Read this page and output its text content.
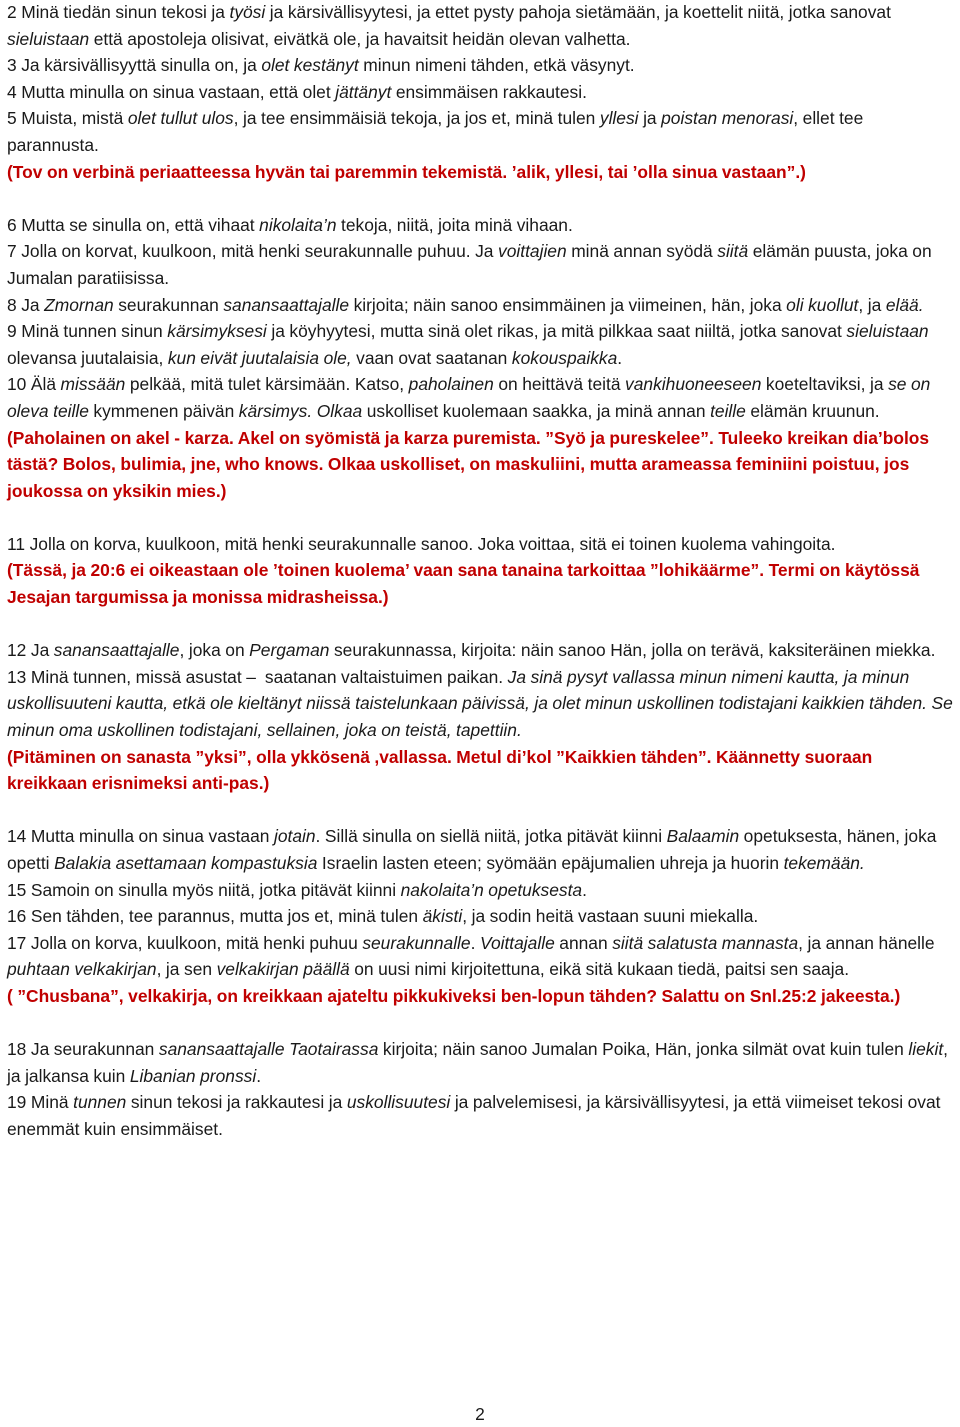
2 Minä tiedän sinun tekosi ja työsi ja kärsivällisyytesi, ja ettet pysty pahoja sietämään, ja koettelit niitä, jotka sanovat sieluistaan että apostoleja olisivat, eivätkä ole, ja havaitsit heidän olevan valhetta.

3 Ja kärsivällisyyttä sinulla on, ja olet kestänyt minun nimeni tähden, etkä väsynyt.

4 Mutta minulla on sinua vastaan, että olet jättänyt ensimmäisen rakkautesi.

5 Muista, mistä olet tullut ulos, ja tee ensimmäisiä tekoja, ja jos et, minä tulen yllesi ja poistan menorasi, ellet tee parannusta.

(Tov on verbinä periaatteessa hyvän tai paremmin tekemistä. ’alik, yllesi, tai ’olla sinua vastaan”.)

6 Mutta se sinulla on, että vihaat nikolaita’n tekoja, niitä, joita minä vihaan.

7 Jolla on korvat, kuulkoon, mitä henki seurakunnalle puhuu. Ja voittajien minä annan syödä siitä elämän puusta, joka on Jumalan paratiisissa.

8 Ja Zmornan seurakunnan sanansaattajalle kirjoita; näin sanoo ensimmäinen ja viimeinen, hän, joka oli kuollut, ja elää.

9 Minä tunnen sinun kärsimyksesi ja köyhyytesi, mutta sinä olet rikas, ja mitä pilkkaa saat niiltä, jotka sanovat sieluistaan olevansa juutalaisia, kun eivät juutalaisia ole, vaan ovat saatanan kokouspaikka.

10 Älä missään pelkää, mitä tulet kärsimään. Katso, paholainen on heittävä teitä vankihuoneeseen koeteltaviksi, ja se on oleva teille kymmenen päivän kärsimys. Olkaa uskolliset kuolemaan saakka, ja minä annan teille elämän kruunun.

(Paholainen on akel - karza. Akel on syömistä ja karza puremista. ”Syö ja pureskelee”. Tuleeko kreikan dia’bolos tästä? Bolos, bulimia, jne, who knows. Olkaa uskolliset, on maskuliini, mutta arameassa feminiini poistuu, jos joukossa on yksikin mies.)

11 Jolla on korva, kuulkoon, mitä henki seurakunnalle sanoo. Joka voittaa, sitä ei toinen kuolema vahingoita.

(Tässä, ja 20:6 ei oikeastaan ole ’toinen kuolema’ vaan sana tanaina tarkoittaa ”lohikäärme”. Termi on käytössä Jesajan targumissa ja monissa midrasheissa.)

12 Ja sanansaattajalle, joka on Pergaman seurakunnassa, kirjoita: näin sanoo Hän, jolla on terävä, kaksiteräinen miekka.

13 Minä tunnen, missä asustat –  saatanan valtaistuimen paikan. Ja sinä pysyt vallassa minun nimeni kautta, ja minun uskollisuuteni kautta, etkä ole kieltänyt niissä taistelunkaan päivissä, ja olet minun uskollinen todistajani kaikkien tähden. Se minun oma uskollinen todistajani, sellainen, joka on teistä, tapettiin.

(Pitäminen on sanasta ”yksi”, olla ykkösenä ,vallassa. Metul di’kol ”Kaikkien tähden”. Käännetty suoraan kreikkaan erisnimeksi anti-pas.)

14 Mutta minulla on sinua vastaan jotain. Sillä sinulla on siellä niitä, jotka pitävät kiinni Balaamin opetuksesta, hänen, joka opetti Balakia asettamaan kompastuksia Israelin lasten eteen; syömään epäjumalien uhreja ja huorin tekemään.

15 Samoin on sinulla myös niitä, jotka pitävät kiinni nakolaita’n opetuksesta.

16 Sen tähden, tee parannus, mutta jos et, minä tulen äkisti, ja sodin heitä vastaan suuni miekalla.

17 Jolla on korva, kuulkoon, mitä henki puhuu seurakunnalle. Voittajalle annan siitä salatusta mannasta, ja annan hänelle puhtaan velkakirjan, ja sen velkakirjan päällä on uusi nimi kirjoitettuna, eikä sitä kukaan tiedä, paitsi sen saaja.

( ”Chusbana”, velkakirja, on kreikkaan ajateltu pikkukiveksi ben-lopun tähden? Salattu on Snl.25:2 jakeesta.)

18 Ja seurakunnan sanansaattajalle Taotairassa kirjoita; näin sanoo Jumalan Poika, Hän, jonka silmät ovat kuin tulen liekit, ja jalkansa kuin Libanian pronssi.

19 Minä tunnen sinun tekosi ja rakkautesi ja uskollisuutesi ja palvelemisesi, ja kärsivällisyytesi, ja että viimeiset tekosi ovat enemmät kuin ensimmäiset.

2
